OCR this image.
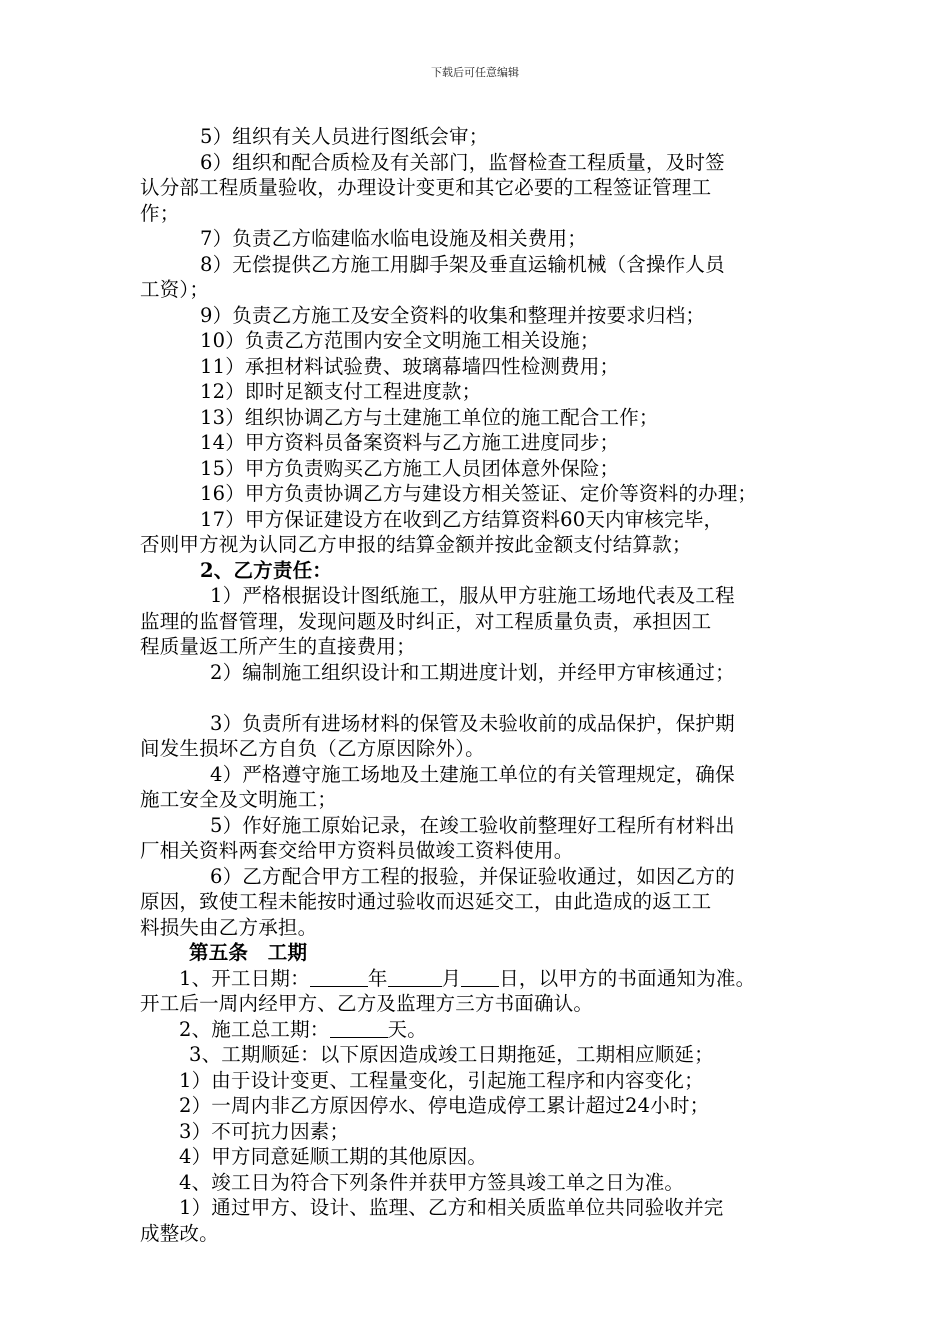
下载后可任意编辑
5）组织有关人员进行图纸会审；
6）组织和配合质检及有关部门，监督检查工程质量，及时签
认分部工程质量验收，办理设计变更和其它必要的工程签证管理工
作；
7）负责乙方临建临水临电设施及相关费用；
8）无偿提供乙方施工用脚手架及垂直运输机械（含操作人员
工资）；
9）负责乙方施工及安全资料的收集和整理并按要求归档；
10）负责乙方范围内安全文明施工相关设施；
11）承担材料试验费、玻璃幕墙四性检测费用；
12）即时足额支付工程进度款；
13）组织协调乙方与土建施工单位的施工配合工作；
14）甲方资料员备案资料与乙方施工进度同步；
15）甲方负责购买乙方施工人员团体意外保险；
16）甲方负责协调乙方与建设方相关签证、定价等资料的办理；
17）甲方保证建设方在收到乙方结算资料60天内审核完毕，
否则甲方视为认同乙方申报的结算金额并按此金额支付结算款；
2、乙方责任：
1）严格根据设计图纸施工，服从甲方驻施工场地代表及工程
监理的监督管理，发现问题及时纠正，对工程质量负责，承担因工
程质量返工所产生的直接费用；
2）编制施工组织设计和工期进度计划，并经甲方审核通过；
3）负责所有进场材料的保管及未验收前的成品保护，保护期
间发生损坏乙方自负（乙方原因除外）。
4）严格遵守施工场地及土建施工单位的有关管理规定，确保
施工安全及文明施工；
5）作好施工原始记录，在竣工验收前整理好工程所有材料出
厂相关资料两套交给甲方资料员做竣工资料使用。
6）乙方配合甲方工程的报验，并保证验收通过，如因乙方的
原因，致使工程未能按时通过验收而迟延交工，由此造成的返工工
料损失由乙方承担。
第五条　工期
1、开工日期：	年	月 日，以甲方的书面通知为准。
开工后一周内经甲方、乙方及监理方三方书面确认。
2、施工总工期：	天。
3、工期顺延：以下原因造成竣工日期拖延，工期相应顺延；
1）由于设计变更、工程量变化，引起施工程序和内容变化；
2）一周内非乙方原因停水、停电造成停工累计超过24小时；
3）不可抗力因素；
4）甲方同意延顺工期的其他原因。
4、竣工日为符合下列条件并获甲方签具竣工单之日为准。
1）通过甲方、设计、监理、乙方和相关质监单位共同验收并完
成整改。
